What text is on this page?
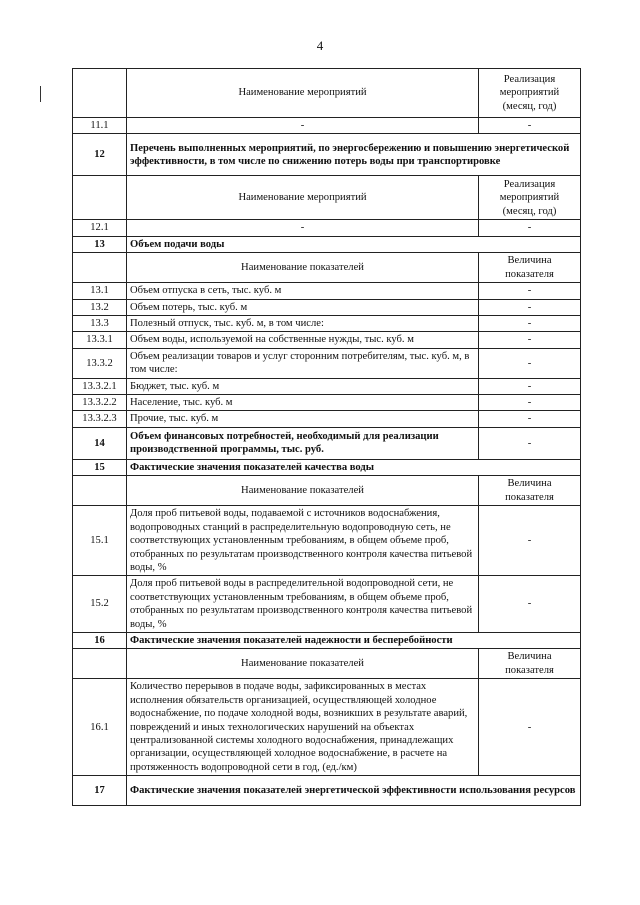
4
	Наименование мероприятий	Реализация мероприятий (месяц, год)
11.1	-	-
12	Перечень выполненных мероприятий, по энергосбережению и повышению энергетической эффективности, в том числе по снижению потерь воды при транспортировке	
	Наименование мероприятий	Реализация мероприятий (месяц, год)
12.1	-	-
13	Объем подачи воды	
	Наименование показателей	Величина показателя
13.1	Объем отпуска в сеть, тыс. куб. м	-
13.2	Объем потерь, тыс. куб. м	-
13.3	Полезный отпуск, тыс. куб. м, в том числе:	-
13.3.1	Объем воды, используемой на собственные нужды, тыс. куб. м	-
13.3.2	Объем реализации товаров и услуг сторонним потребителям, тыс. куб. м, в том числе:	-
13.3.2.1	Бюджет, тыс. куб. м	-
13.3.2.2	Население, тыс. куб. м	-
13.3.2.3	Прочие, тыс. куб. м	-
14	Объем финансовых потребностей, необходимый для реализации производственной программы, тыс. руб.	-
15	Фактические значения показателей качества воды	
	Наименование показателей	Величина показателя
15.1	Доля проб питьевой воды, подаваемой с источников водоснабжения, водопроводных станций в распределительную водопроводную сеть, не соответствующих установленным требованиям, в общем объеме проб, отобранных по результатам производственного контроля качества питьевой воды, %	-
15.2	Доля проб питьевой воды в распределительной водопроводной сети, не соответствующих установленным требованиям, в общем объеме проб, отобранных по результатам производственного контроля качества питьевой воды, %	-
16	Фактические значения показателей надежности и бесперебойности	
	Наименование показателей	Величина показателя
16.1	Количество перерывов в подаче воды, зафиксированных в местах исполнения обязательств организацией, осуществляющей холодное водоснабжение, по подаче холодной воды, возникших в результате аварий, повреждений и иных технологических нарушений на объектах централизованной системы холодного водоснабжения, принадлежащих организации, осуществляющей холодное водоснабжение, в расчете на протяженность водопроводной сети в год, (ед./км)	-
17	Фактические значения показателей энергетической эффективности использования ресурсов	
